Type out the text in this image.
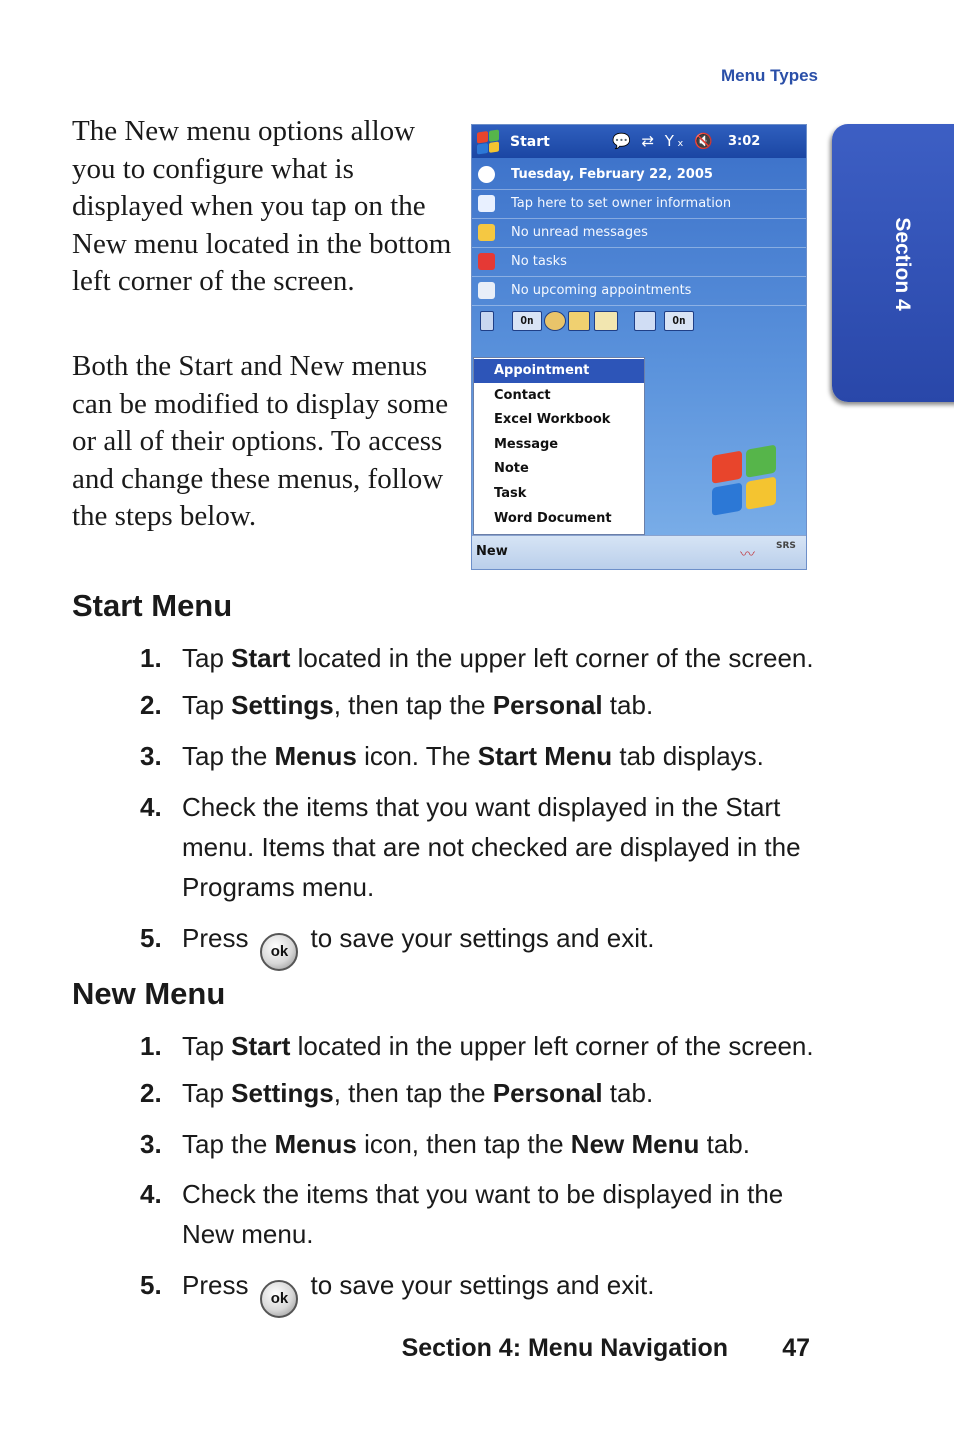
Menu Types
Section 4

The New menu options allow you to configure what is displayed when you tap on the New menu located in the bottom left corner of the screen.

Both the Start and New menus can be modified to display some or all of their options. To access and change these menus, follow the steps below.

Start	💬 ⇄ Yₓ 🔇 3:02
Tuesday, February 22, 2005
Tap here to set owner information
No unread messages
No tasks
No upcoming appointments
On	On
Appointment
Contact
Excel Workbook
Message
Note
Task
Word Document
New	〰 SRS
Start Menu
1. Tap Start located in the upper left corner of the screen.
2. Tap Settings, then tap the Personal tab.
3. Tap the Menus icon. The Start Menu tab displays.
4. Check the items that you want displayed in the Start menu. Items that are not checked are displayed in the Programs menu.
5. Press ok to save your settings and exit.
New Menu
1. Tap Start located in the upper left corner of the screen.
2. Tap Settings, then tap the Personal tab.
3. Tap the Menus icon, then tap the New Menu tab.
4. Check the items that you want to be displayed in the New menu.
5. Press ok to save your settings and exit.
Section 4: Menu Navigation	47
